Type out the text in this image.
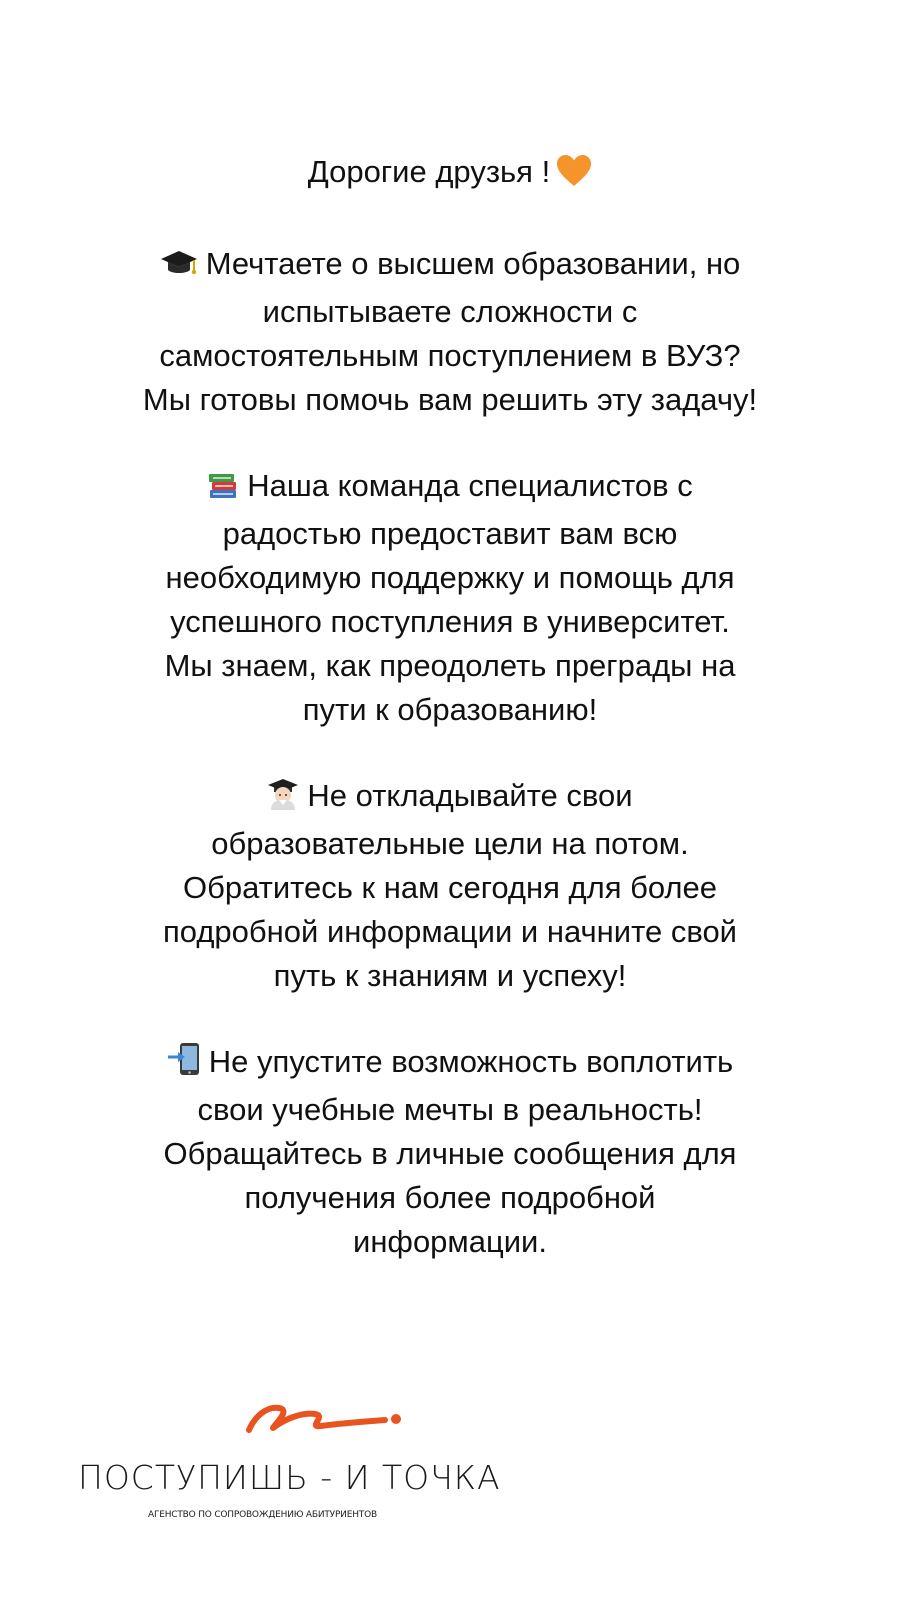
Дорогие друзья !

Мечтаете о высшем образовании, но
испытываете сложности с
самостоятельным поступлением в ВУЗ?
Мы готовы помочь вам решить эту задачу!

Наша команда специалистов с
радостью предоставит вам всю
необходимую поддержку и помощь для
успешного поступления в университет.
Мы знаем, как преодолеть преграды на
пути к образованию!

Не откладывайте свои
образовательные цели на потом.
Обратитесь к нам сегодня для более
подробной информации и начните свой
путь к знаниям и успеху!

Не упустите возможность воплотить
свои учебные мечты в реальность!
Обращайтесь в личные сообщения для
получения более подробной
информации.

ПОСТУПИШЬ - И ТОЧКА
АГЕНСТВО ПО СОПРОВОЖДЕНИЮ АБИТУРИЕНТОВ
